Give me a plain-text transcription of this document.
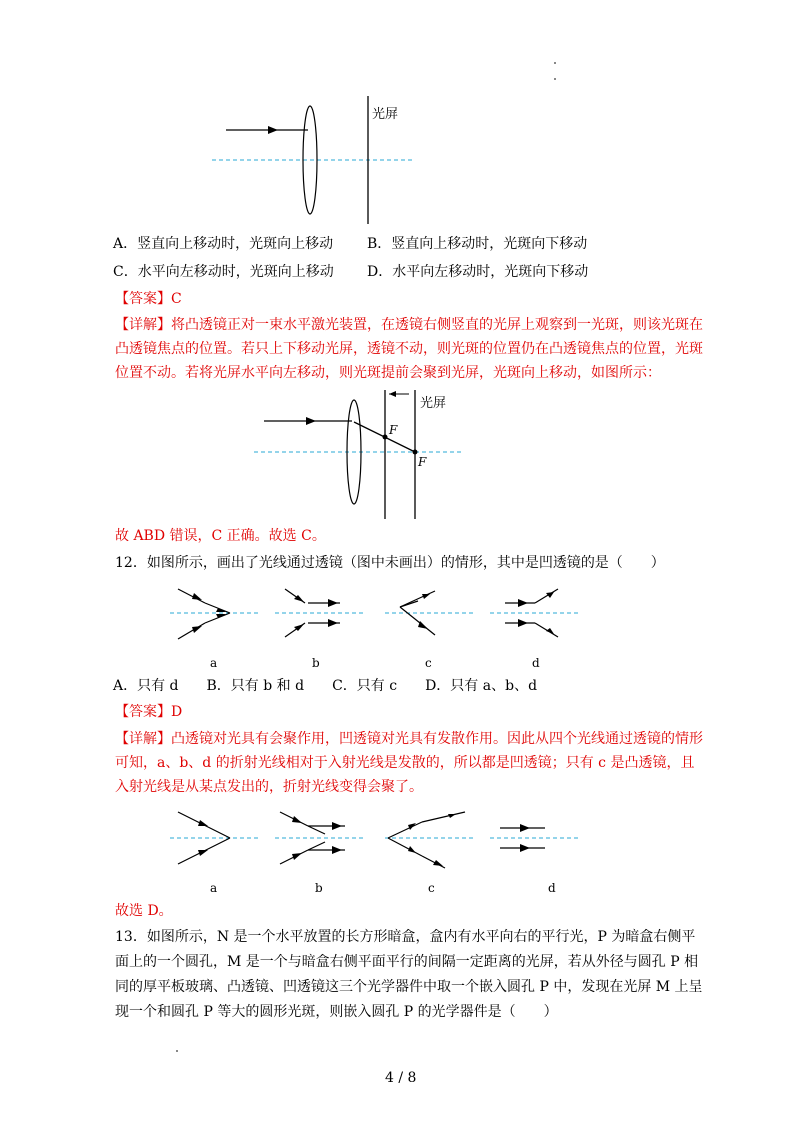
光屏
A．竖直向上移动时，光斑向上移动 B．竖直向上移动时，光斑向下移动
C．水平向左移动时，光斑向上移动 D．水平向左移动时，光斑向下移动
【答案】C
【详解】将凸透镜正对一束水平激光装置，在透镜右侧竖直的光屏上观察到一光斑，则该光斑在凸透镜焦点的位置。若只上下移动光屏，透镜不动，则光斑的位置仍在凸透镜焦点的位置，光斑位置不动。若将光屏水平向左移动，则光斑提前会聚到光屏，光斑向上移动，如图所示：
F
F
光屏
故 ABD 错误，C 正确。故选 C。
12．如图所示，画出了光线通过透镜（图中未画出）的情形，其中是凹透镜的是（　　）
a	b	c	d
A．只有 d　　B．只有 b 和 d　　C．只有 c　　D．只有 a、b、d
【答案】D
【详解】凸透镜对光具有会聚作用，凹透镜对光具有发散作用。因此从四个光线通过透镜的情形可知，a、b、d 的折射光线相对于入射光线是发散的，所以都是凹透镜；只有 c 是凸透镜，且入射光线是从某点发出的，折射光线变得会聚了。
a	b	c	d
故选 D。
13．如图所示，N 是一个水平放置的长方形暗盒，盒内有水平向右的平行光，P 为暗盒右侧平面上的一个圆孔，M 是一个与暗盒右侧平面平行的间隔一定距离的光屏，若从外径与圆孔 P 相同的厚平板玻璃、凸透镜、凹透镜这三个光学器件中取一个嵌入圆孔 P 中，发现在光屏 M 上呈现一个和圆孔 P 等大的圆形光斑，则嵌入圆孔 P 的光学器件是（　　）
4 / 8
